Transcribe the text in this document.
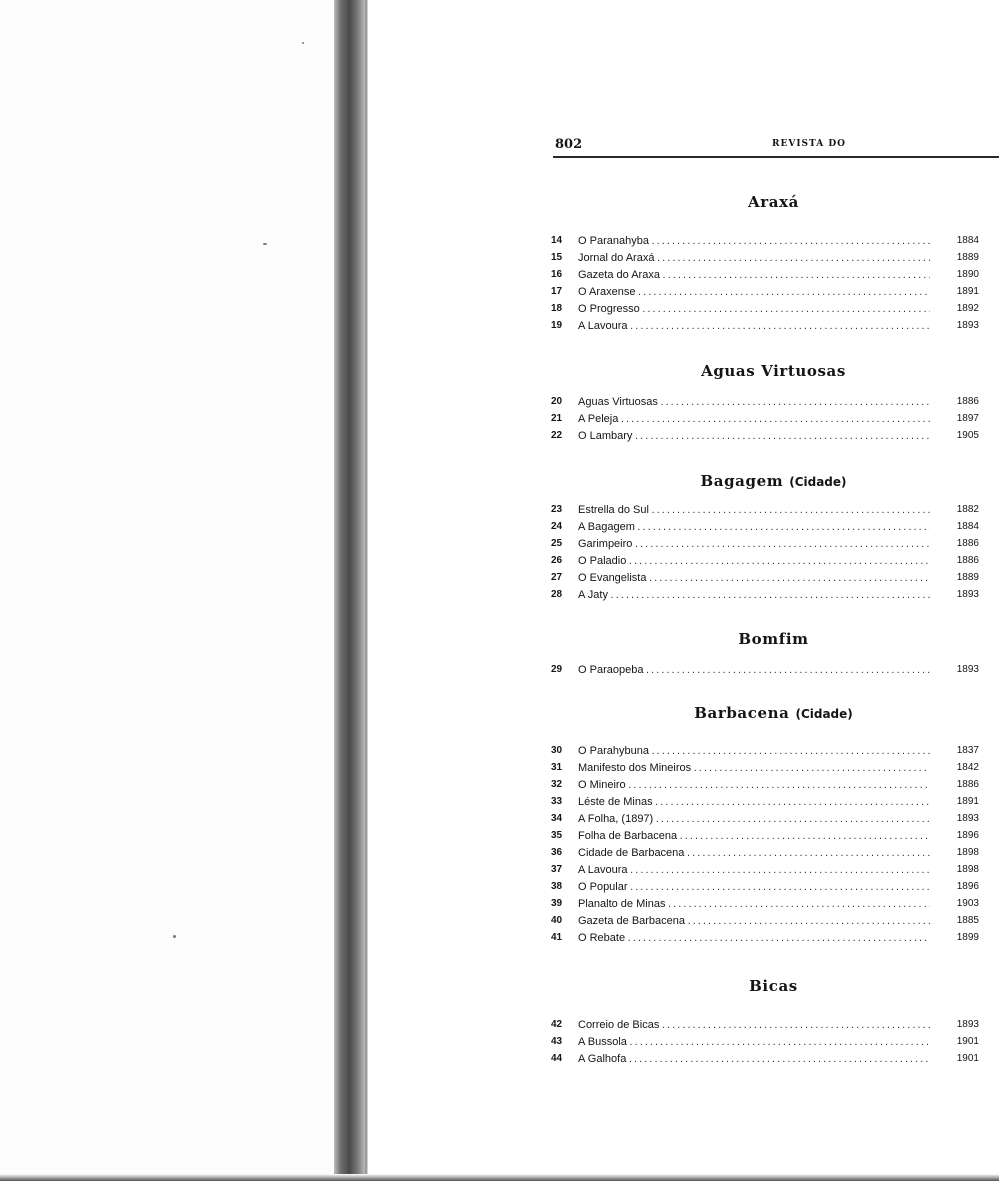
802	REVISTA DO
Araxá
14	O Paranahyba . . .	1884
15	Jornal do Araxá . . .	1889
16	Gazeta do Araxa . . .	1890
17	O Araxense . . .	1891
18	O Progresso . . .	1892
19	A Lavoura . . .	1893
Aguas Virtuosas
20	Aguas Virtuosas . . .	1886
21	A Peleja . . .	1897
22	O Lambary . . .	1905
Bagagem (Cidade)
23	Estrella do Sul . . .	1882
24	A Bagagem . . .	1884
25	Garimpeiro . . .	1886
26	O Paladio . . .	1886
27	O Evangelista . . .	1889
28	A Jaty . . .	1893
Bomfim
29	O Paraopeba . . .	1893
Barbacena (Cidade)
30	O Parahybuna . . .	1837
31	Manifesto dos Mineiros . . .	1842
32	O Mineiro . . .	1886
33	Léste de Minas . . .	1891
34	A Folha, (1897) . . .	1893
35	Folha de Barbacena . . .	1896
36	Cidade de Barbacena . . .	1898
37	A Lavoura . . .	1898
38	O Popular . . .	1896
39	Planalto de Minas . . .	1903
40	Gazeta de Barbacena . . .	1885
41	O Rebate . . .	1899
Bicas
42	Correio de Bicas . . .	1893
43	A Bussola . . .	1901
44	A Galhofa . . .	1901
